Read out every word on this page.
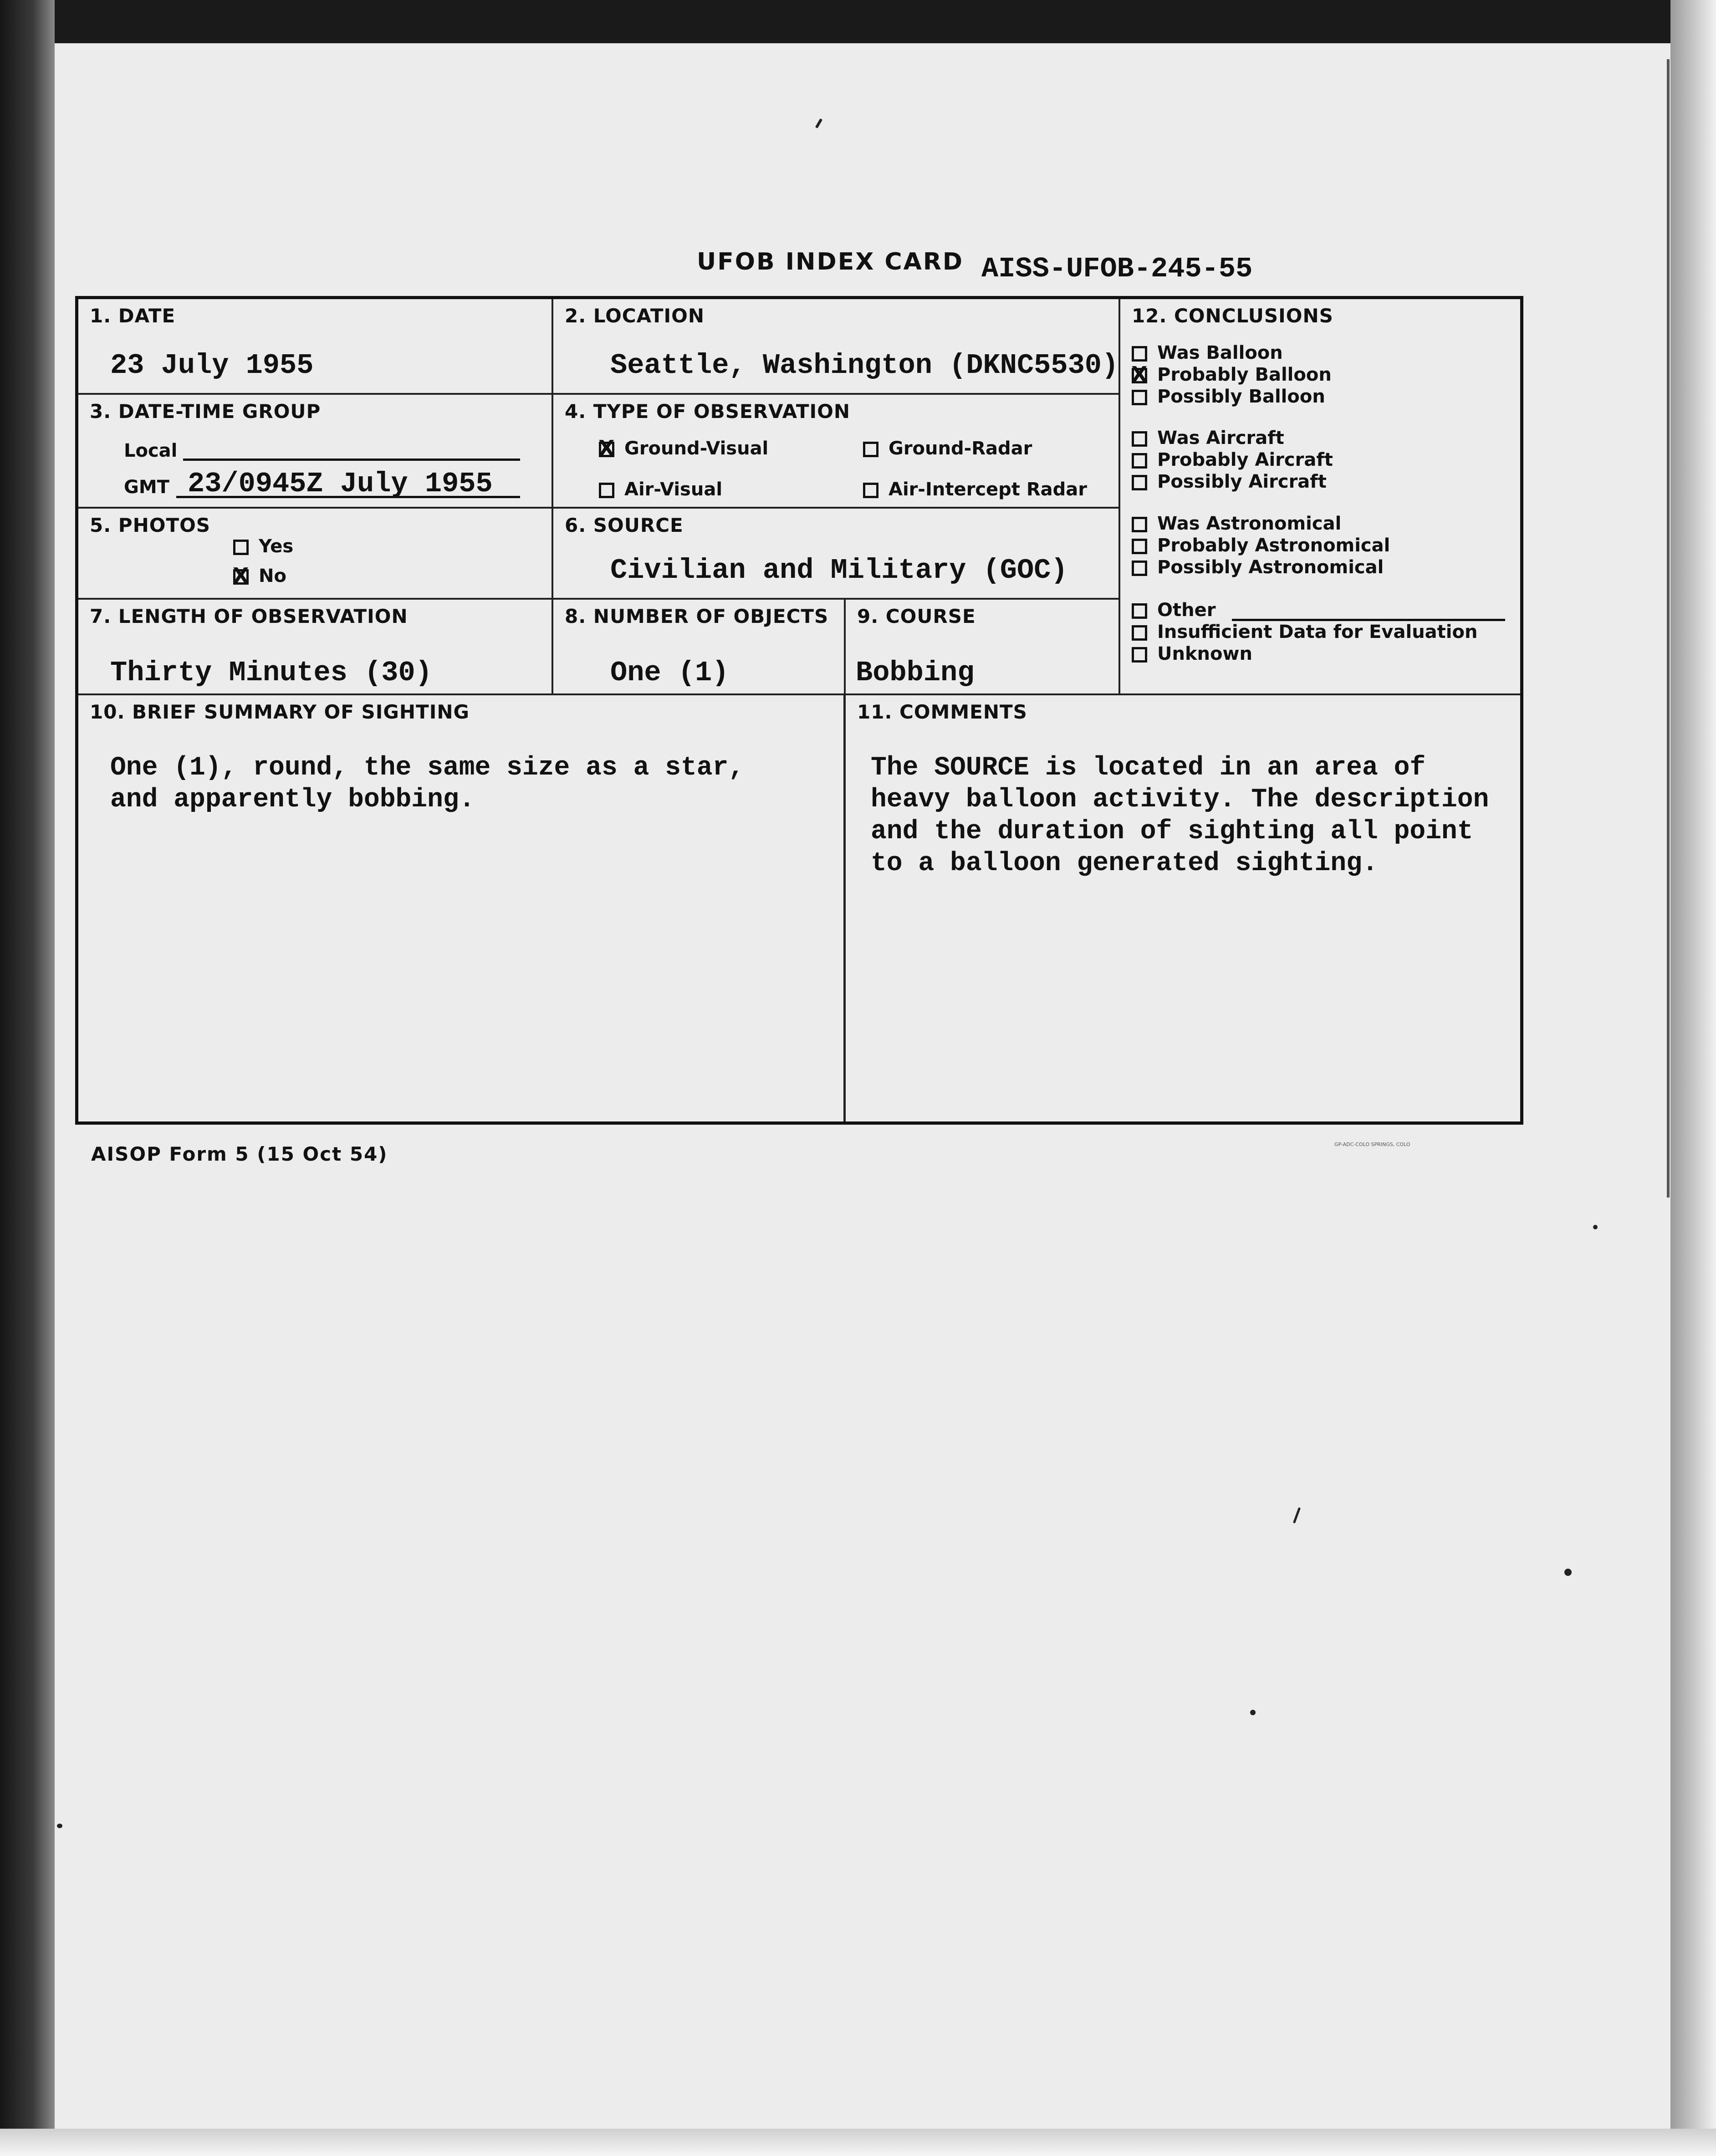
UFOB INDEX CARD AISS-UFOB-245-55
1. DATE
23 July 1955
2. LOCATION
Seattle, Washington (DKNC5530)
3. DATE-TIME GROUP
Local
GMT 23/0945Z July 1955
4. TYPE OF OBSERVATION
XGround-Visual	Ground-Radar
Air-Visual	Air-Intercept Radar
5. PHOTOS
Yes
XNo
6. SOURCE
Civilian and Military (GOC)
7. LENGTH OF OBSERVATION
Thirty Minutes (30)
8. NUMBER OF OBJECTS
One (1)
9. COURSE
Bobbing
12. CONCLUSIONS
Was Balloon
XProbably Balloon
Possibly Balloon
Was Aircraft
Probably Aircraft
Possibly Aircraft
Was Astronomical
Probably Astronomical
Possibly Astronomical
Other
Insufficient Data for Evaluation
Unknown
10. BRIEF SUMMARY OF SIGHTING
One (1), round, the same size as a star,
and apparently bobbing.
11. COMMENTS
The SOURCE is located in an area of
heavy balloon activity. The description
and the duration of sighting all point
to a balloon generated sighting.
AISOP Form 5 (15 Oct 54)	GP-ADC-COLO SPRINGS, COLO
